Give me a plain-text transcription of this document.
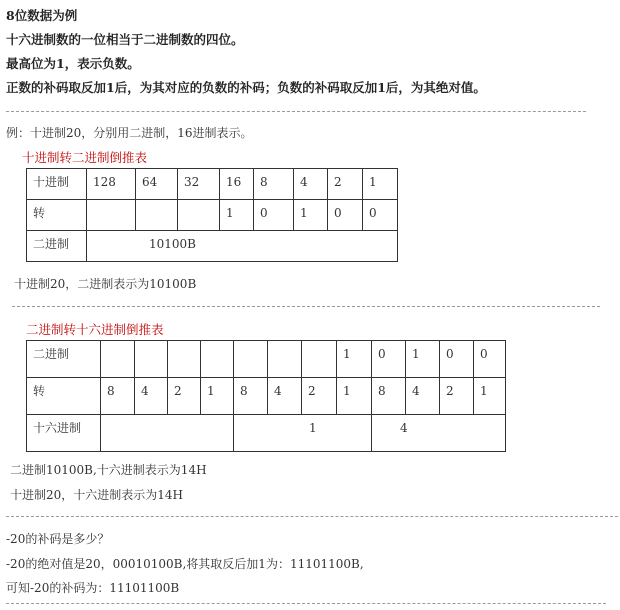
8位数据为例
十六进制数的一位相当于二进制数的四位。
最高位为1，表示负数。
正数的补码取反加1后，为其对应的负数的补码；负数的补码取反加1后，为其绝对值。
例：十进制20，分别用二进制，16进制表示。
十进制转二进制倒推表
十进制	128	64	32	16	8	4	2	1
转				1	0	1	0	0
二进制	10100B							
十进制20，二进制表示为10100B
二进制转十六进制倒推表
二进制								1	0	1	0	0
转	8	4	2	1	8	4	2	1	8	4	2	1
十六进制					1				4			
二进制10100B,十六进制表示为14H
十进制20，十六进制表示为14H
-20的补码是多少？
-20的绝对值是20，00010100B,将其取反后加1为：11101100B,
可知-20的补码为：11101100B
